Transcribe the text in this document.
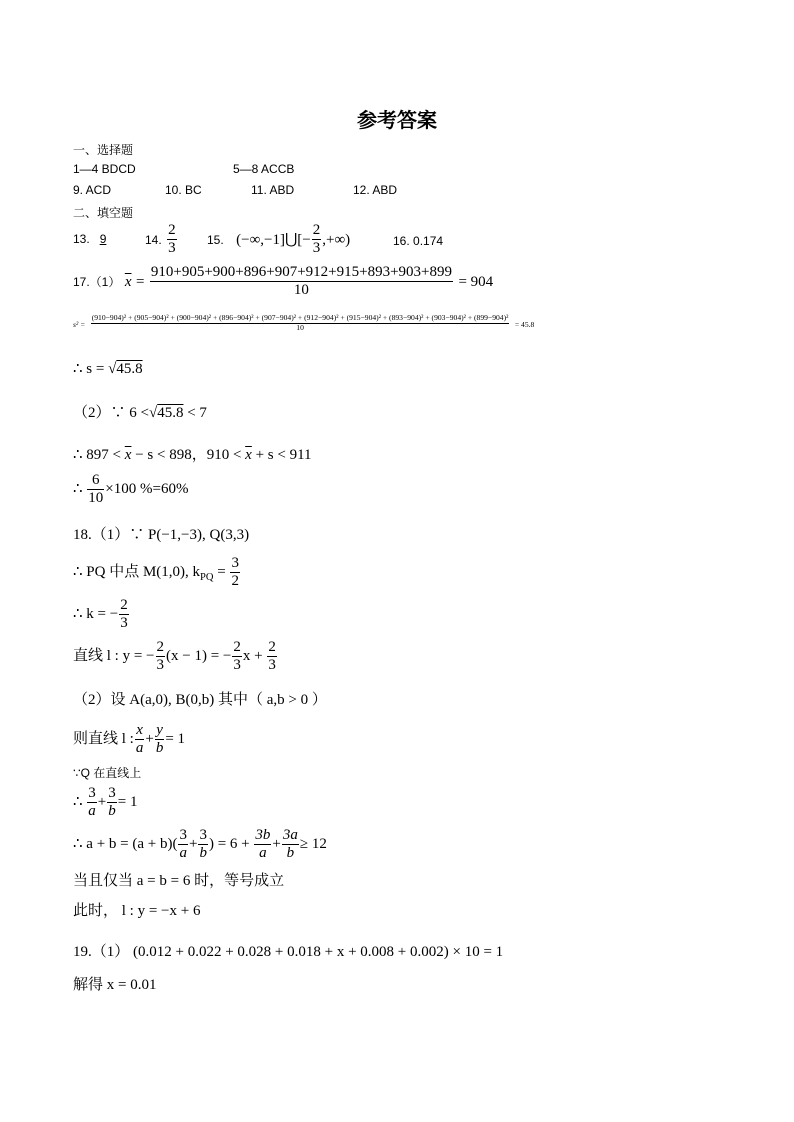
参考答案
一、选择题
1—4 BDCD	5—8 ACCB
9. ACD	10. BC	11. ABD	12. ABD
二、填空题
13. 9	14. $\frac{2}{3}$	15. (−∞,−1]⋃[− $\frac{2}{3}$ ,+∞)	16. 0.174
17.（1） $\overline{x} = \frac{910+905+900+896+907+912+915+893+903+899}{10} = 904$
s² =
(910−904)² + (905−904)² + (900−904)² + (896−904)² + (907−904)² + (912−904)² + (915−904)² + (893−904)² + (903−904)² + (899−904)²
10	= 45.8
∴ s = √45.8
（2）∵ 6 <√45.8 < 7
∴ $897 < \overline{x} - s < 898$，$910 < \overline{x} + s < 911$
∴ $\frac{6}{10} \times 100$ %=60%
18.（1）∵ P(−1,−3), Q(3,3)
∴ PQ 中点 M(1,0), $k_{PQ} = \frac{3}{2}$
∴ k = − $\frac{2}{3}$
直线 l : y = − $\frac{2}{3} (x - 1)$ = − $\frac{2}{3}$ $x + \frac{2}{3}$
（2）设 A(a,0), B(0,b) 其中（ a,b > 0 ）
则直线 l : $\frac{x}{a} + \frac{y}{b} = 1$
∵Q 在直线上
∴ $\frac{3}{a} + \frac{3}{b} = 1$
∴ $a + b = (a + b)( \frac{3}{a} + \frac{3}{b}$ ) = $6 + \frac{3b}{a} + \frac{3a}{b} \ge 12$
当且仅当 a = b = 6 时，等号成立
此时， l : y = −x + 6
19.（1） (0.012 + 0.022 + 0.028 + 0.018 + x + 0.008 + 0.002) × 10 = 1
解得 x = 0.01
